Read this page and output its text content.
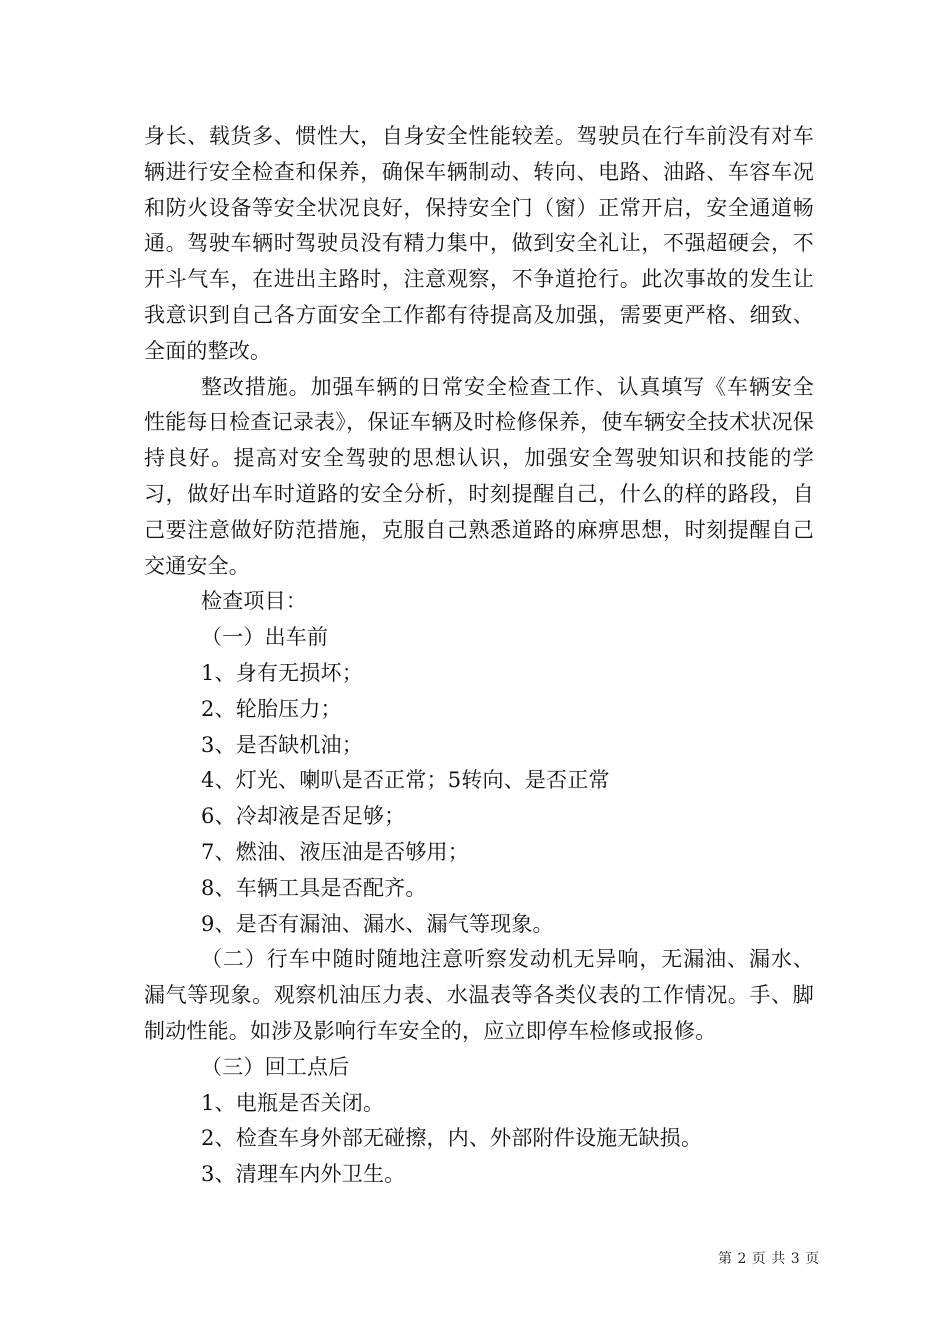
身长、载货多、惯性大，自身安全性能较差。驾驶员在行车前没有对车辆进行安全检查和保养，确保车辆制动、转向、电路、油路、车容车况和防火设备等安全状况良好，保持安全门（窗）正常开启，安全通道畅通。驾驶车辆时驾驶员没有精力集中，做到安全礼让，不强超硬会，不开斗气车，在进出主路时，注意观察，不争道抢行。此次事故的发生让我意识到自己各方面安全工作都有待提高及加强，需要更严格、细致、全面的整改。

整改措施。加强车辆的日常安全检查工作、认真填写《车辆安全性能每日检查记录表》，保证车辆及时检修保养，使车辆安全技术状况保持良好。提高对安全驾驶的思想认识，加强安全驾驶知识和技能的学习，做好出车时道路的安全分析，时刻提醒自己，什么的样的路段，自己要注意做好防范措施，克服自己熟悉道路的麻痹思想，时刻提醒自己交通安全。

检查项目：

（一）出车前

1、身有无损坏；

2、轮胎压力；

3、是否缺机油；

4、灯光、喇叭是否正常；5转向、是否正常

6、冷却液是否足够；

7、燃油、液压油是否够用；

8、车辆工具是否配齐。

9、是否有漏油、漏水、漏气等现象。

（二）行车中随时随地注意听察发动机无异响，无漏油、漏水、漏气等现象。观察机油压力表、水温表等各类仪表的工作情况。手、脚制动性能。如涉及影响行车安全的，应立即停车检修或报修。

（三）回工点后

1、电瓶是否关闭。

2、检查车身外部无碰擦，内、外部附件设施无缺损。

3、清理车内外卫生。

第 2 页 共 3 页
